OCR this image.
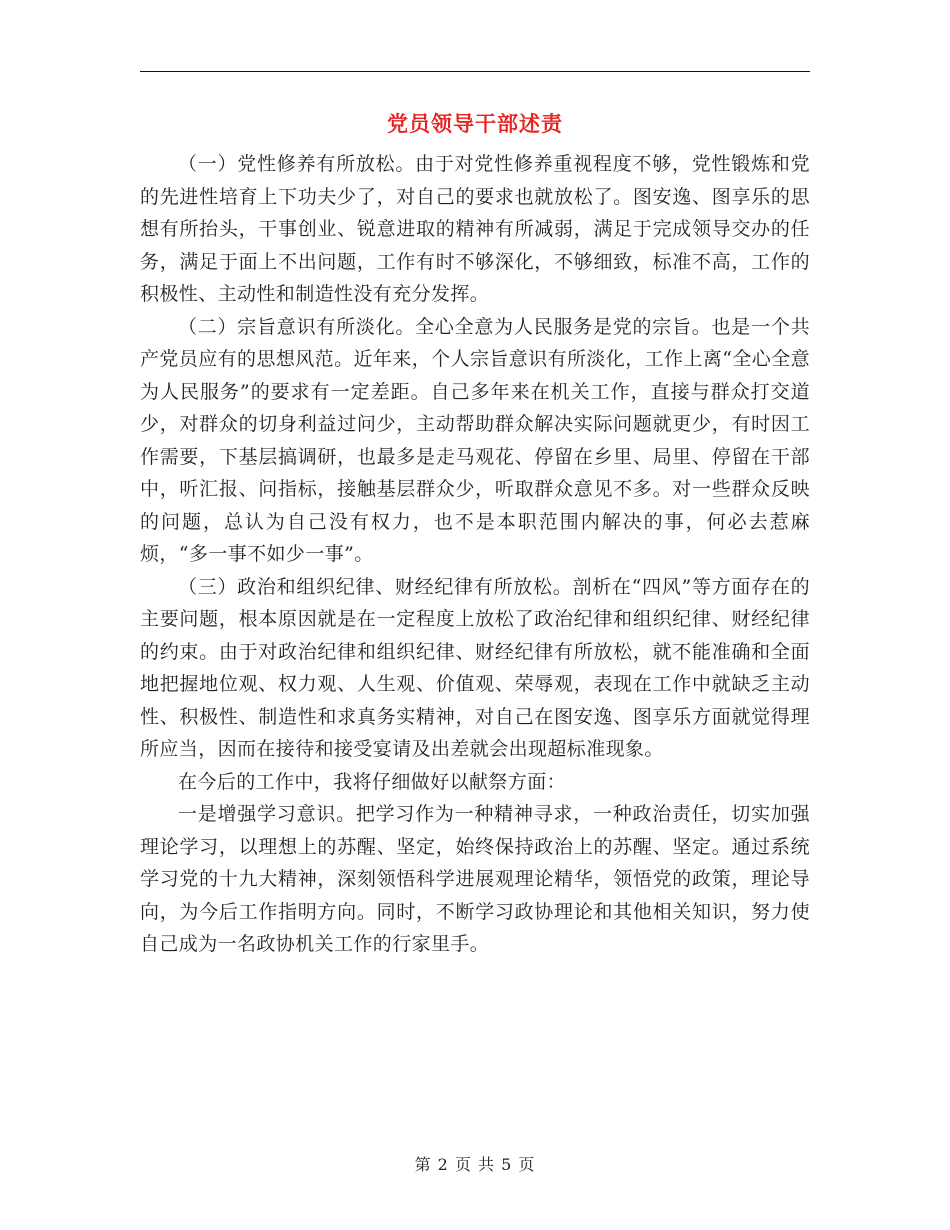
党员领导干部述责

（一）党性修养有所放松。由于对党性修养重视程度不够，党性锻炼和党的先进性培育上下功夫少了，对自己的要求也就放松了。图安逸、图享乐的思想有所抬头，干事创业、锐意进取的精神有所减弱，满足于完成领导交办的任务，满足于面上不出问题，工作有时不够深化，不够细致，标准不高，工作的积极性、主动性和制造性没有充分发挥。

（二）宗旨意识有所淡化。全心全意为人民服务是党的宗旨。也是一个共产党员应有的思想风范。近年来，个人宗旨意识有所淡化，工作上离“全心全意为人民服务”的要求有一定差距。自己多年来在机关工作，直接与群众打交道少，对群众的切身利益过问少，主动帮助群众解决实际问题就更少，有时因工作需要，下基层搞调研，也最多是走马观花、停留在乡里、局里、停留在干部中，听汇报、问指标，接触基层群众少，听取群众意见不多。对一些群众反映的问题，总认为自己没有权力，也不是本职范围内解决的事，何必去惹麻烦，“多一事不如少一事”。

（三）政治和组织纪律、财经纪律有所放松。剖析在“四风”等方面存在的主要问题，根本原因就是在一定程度上放松了政治纪律和组织纪律、财经纪律的约束。由于对政治纪律和组织纪律、财经纪律有所放松，就不能准确和全面地把握地位观、权力观、人生观、价值观、荣辱观，表现在工作中就缺乏主动性、积极性、制造性和求真务实精神，对自己在图安逸、图享乐方面就觉得理所应当，因而在接待和接受宴请及出差就会出现超标准现象。

在今后的工作中，我将仔细做好以献祭方面：

一是增强学习意识。把学习作为一种精神寻求，一种政治责任，切实加强理论学习，以理想上的苏醒、坚定，始终保持政治上的苏醒、坚定。通过系统学习党的十九大精神，深刻领悟科学进展观理论精华，领悟党的政策，理论导向，为今后工作指明方向。同时，不断学习政协理论和其他相关知识，努力使自己成为一名政协机关工作的行家里手。

第 2 页 共 5 页
